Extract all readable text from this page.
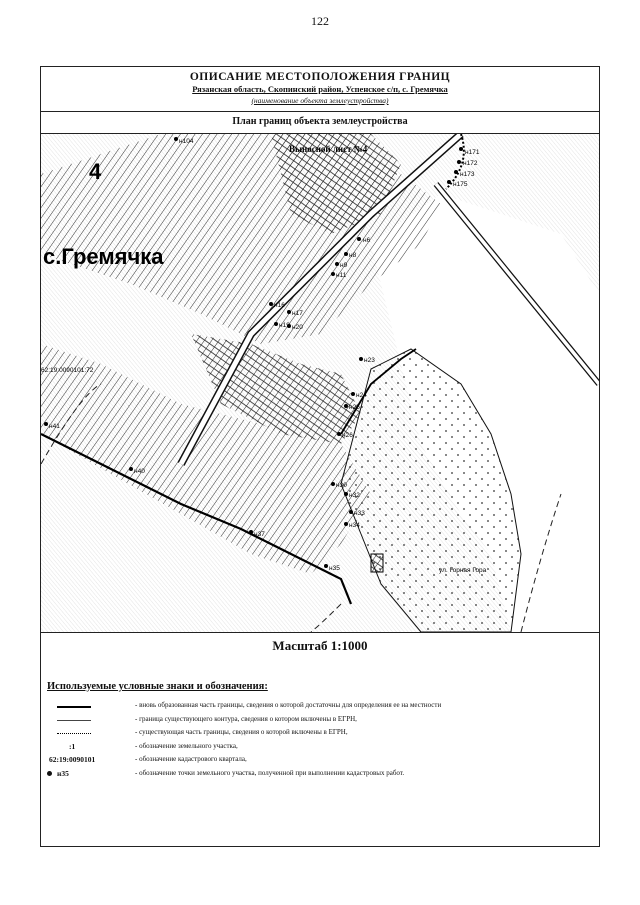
122
ОПИСАНИЕ МЕСТОПОЛОЖЕНИЯ ГРАНИЦ
Рязанская область, Скопинский район, Успенское с/п, с. Гремячка
(наименование объекта землеустройства)
План границ объекта землеустройства
Выносной лист №4
4
с.Гремячка
62:19:0090101:72
ул. Горная Гора
н104
н171
н172
н173
н175
н6
н8
н9
н11
н16
н17
н19 н20
н23
н24
н25
н26
н30
н32
н33
н34
н35
н37
н40
н41
Масштаб 1:1000
Используемые условные знаки и обозначения:
- вновь образованная часть границы, сведения о которой достаточны для определения ее на местности
- граница существующего контура, сведения о котором включены в ЕГРН,
- существующая часть границы, сведения о которой включены в ЕГРН,
:1	- обозначение земельного участка,
62:19:0090101	- обозначение кадастрового квартала,
н35	- обозначение точки земельного участка, полученной при выполнении кадастровых работ.
